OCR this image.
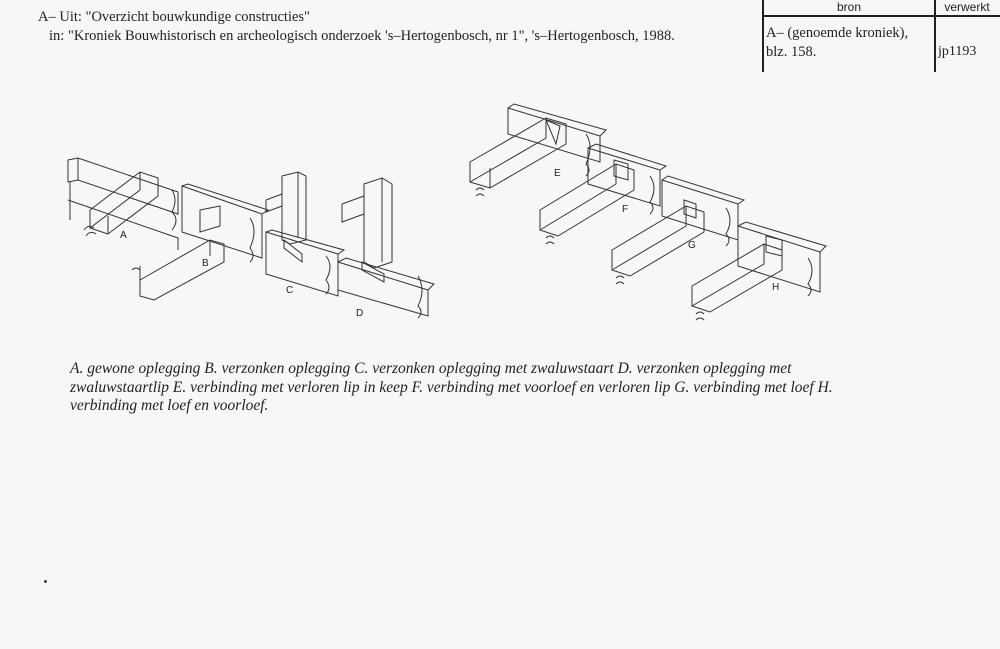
A– Uit: "Overzicht bouwkundige constructies"
in: "Kroniek Bouwhistorisch en archeologisch onderzoek 's–Hertogenbosch, nr 1", 's–Hertogenbosch, 1988.
bron	verwerkt
A– (genoemde kroniek),
blz. 158.	jp1193
A
B
C
D
E
F
G
H
A. gewone oplegging B. verzonken oplegging C. verzonken oplegging met zwaluwstaart D. verzonken oplegging met zwaluwstaartlip E. verbinding met verloren lip in keep F. verbinding met voorloef en verloren lip G. verbinding met loef H. verbinding met loef en voorloef.
